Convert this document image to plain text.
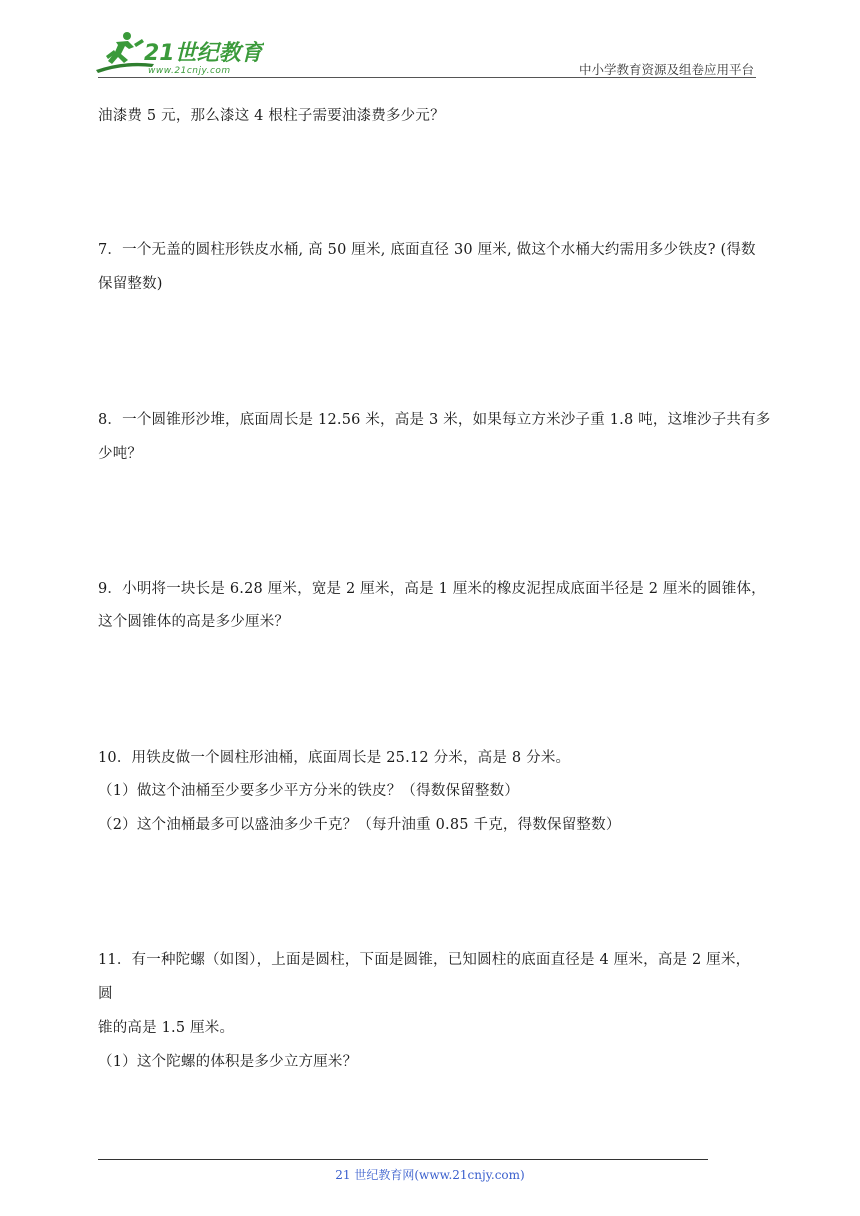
21世纪教育
www.21cnjy.com	中小学教育资源及组卷应用平台
油漆费 5 元，那么漆这 4 根柱子需要油漆费多少元？
7．一个无盖的圆柱形铁皮水桶, 高 50 厘米, 底面直径 30 厘米, 做这个水桶大约需用多少铁皮? (得数
保留整数)
8．一个圆锥形沙堆，底面周长是 12.56 米，高是 3 米，如果每立方米沙子重 1.8 吨，这堆沙子共有多
少吨？
9．小明将一块长是 6.28 厘米，宽是 2 厘米，高是 1 厘米的橡皮泥捏成底面半径是 2 厘米的圆锥体，
这个圆锥体的高是多少厘米？
10．用铁皮做一个圆柱形油桶，底面周长是 25.12 分米，高是 8 分米。
（1）做这个油桶至少要多少平方分米的铁皮？（得数保留整数）
（2）这个油桶最多可以盛油多少千克？（每升油重 0.85 千克，得数保留整数）
11．有一种陀螺（如图），上面是圆柱，下面是圆锥，已知圆柱的底面直径是 4 厘米，高是 2 厘米，
圆
锥的高是 1.5 厘米。
（1）这个陀螺的体积是多少立方厘米？
21 世纪教育网(www.21cnjy.com)
